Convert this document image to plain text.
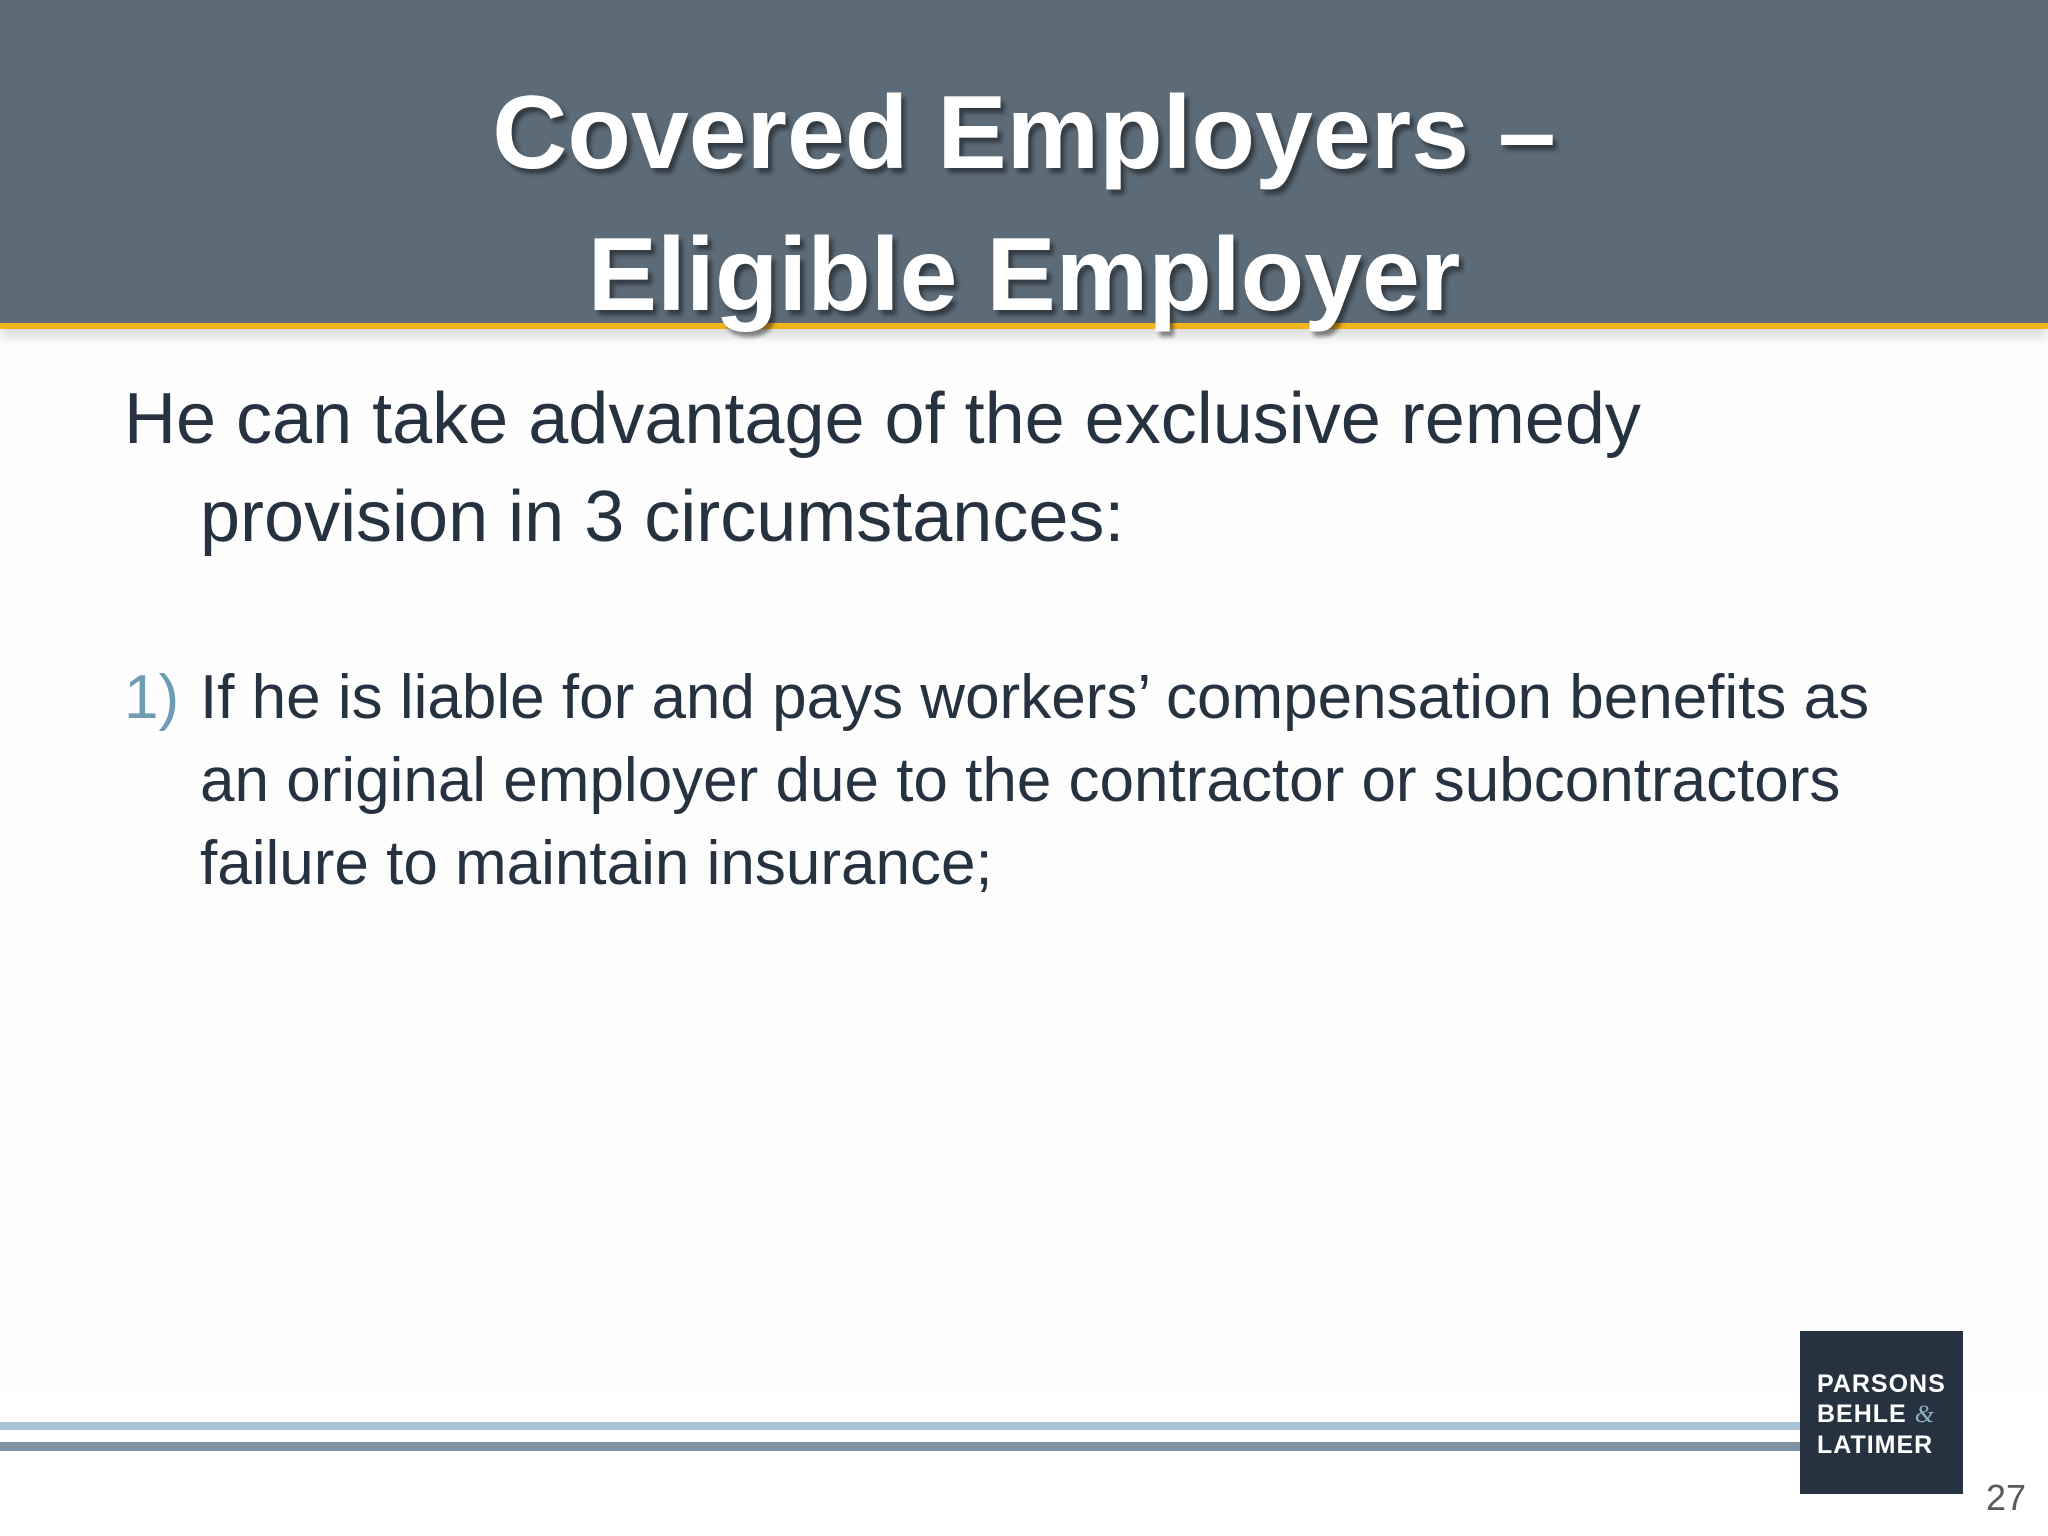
Covered Employers –
Eligible Employer

He can take advantage of the exclusive remedy provision in 3 circumstances:

1) If he is liable for and pays workers’ compensation benefits as an original employer due to the contractor or subcontractors failure to maintain insurance;
PARSONS
BEHLE &
LATIMER
27
